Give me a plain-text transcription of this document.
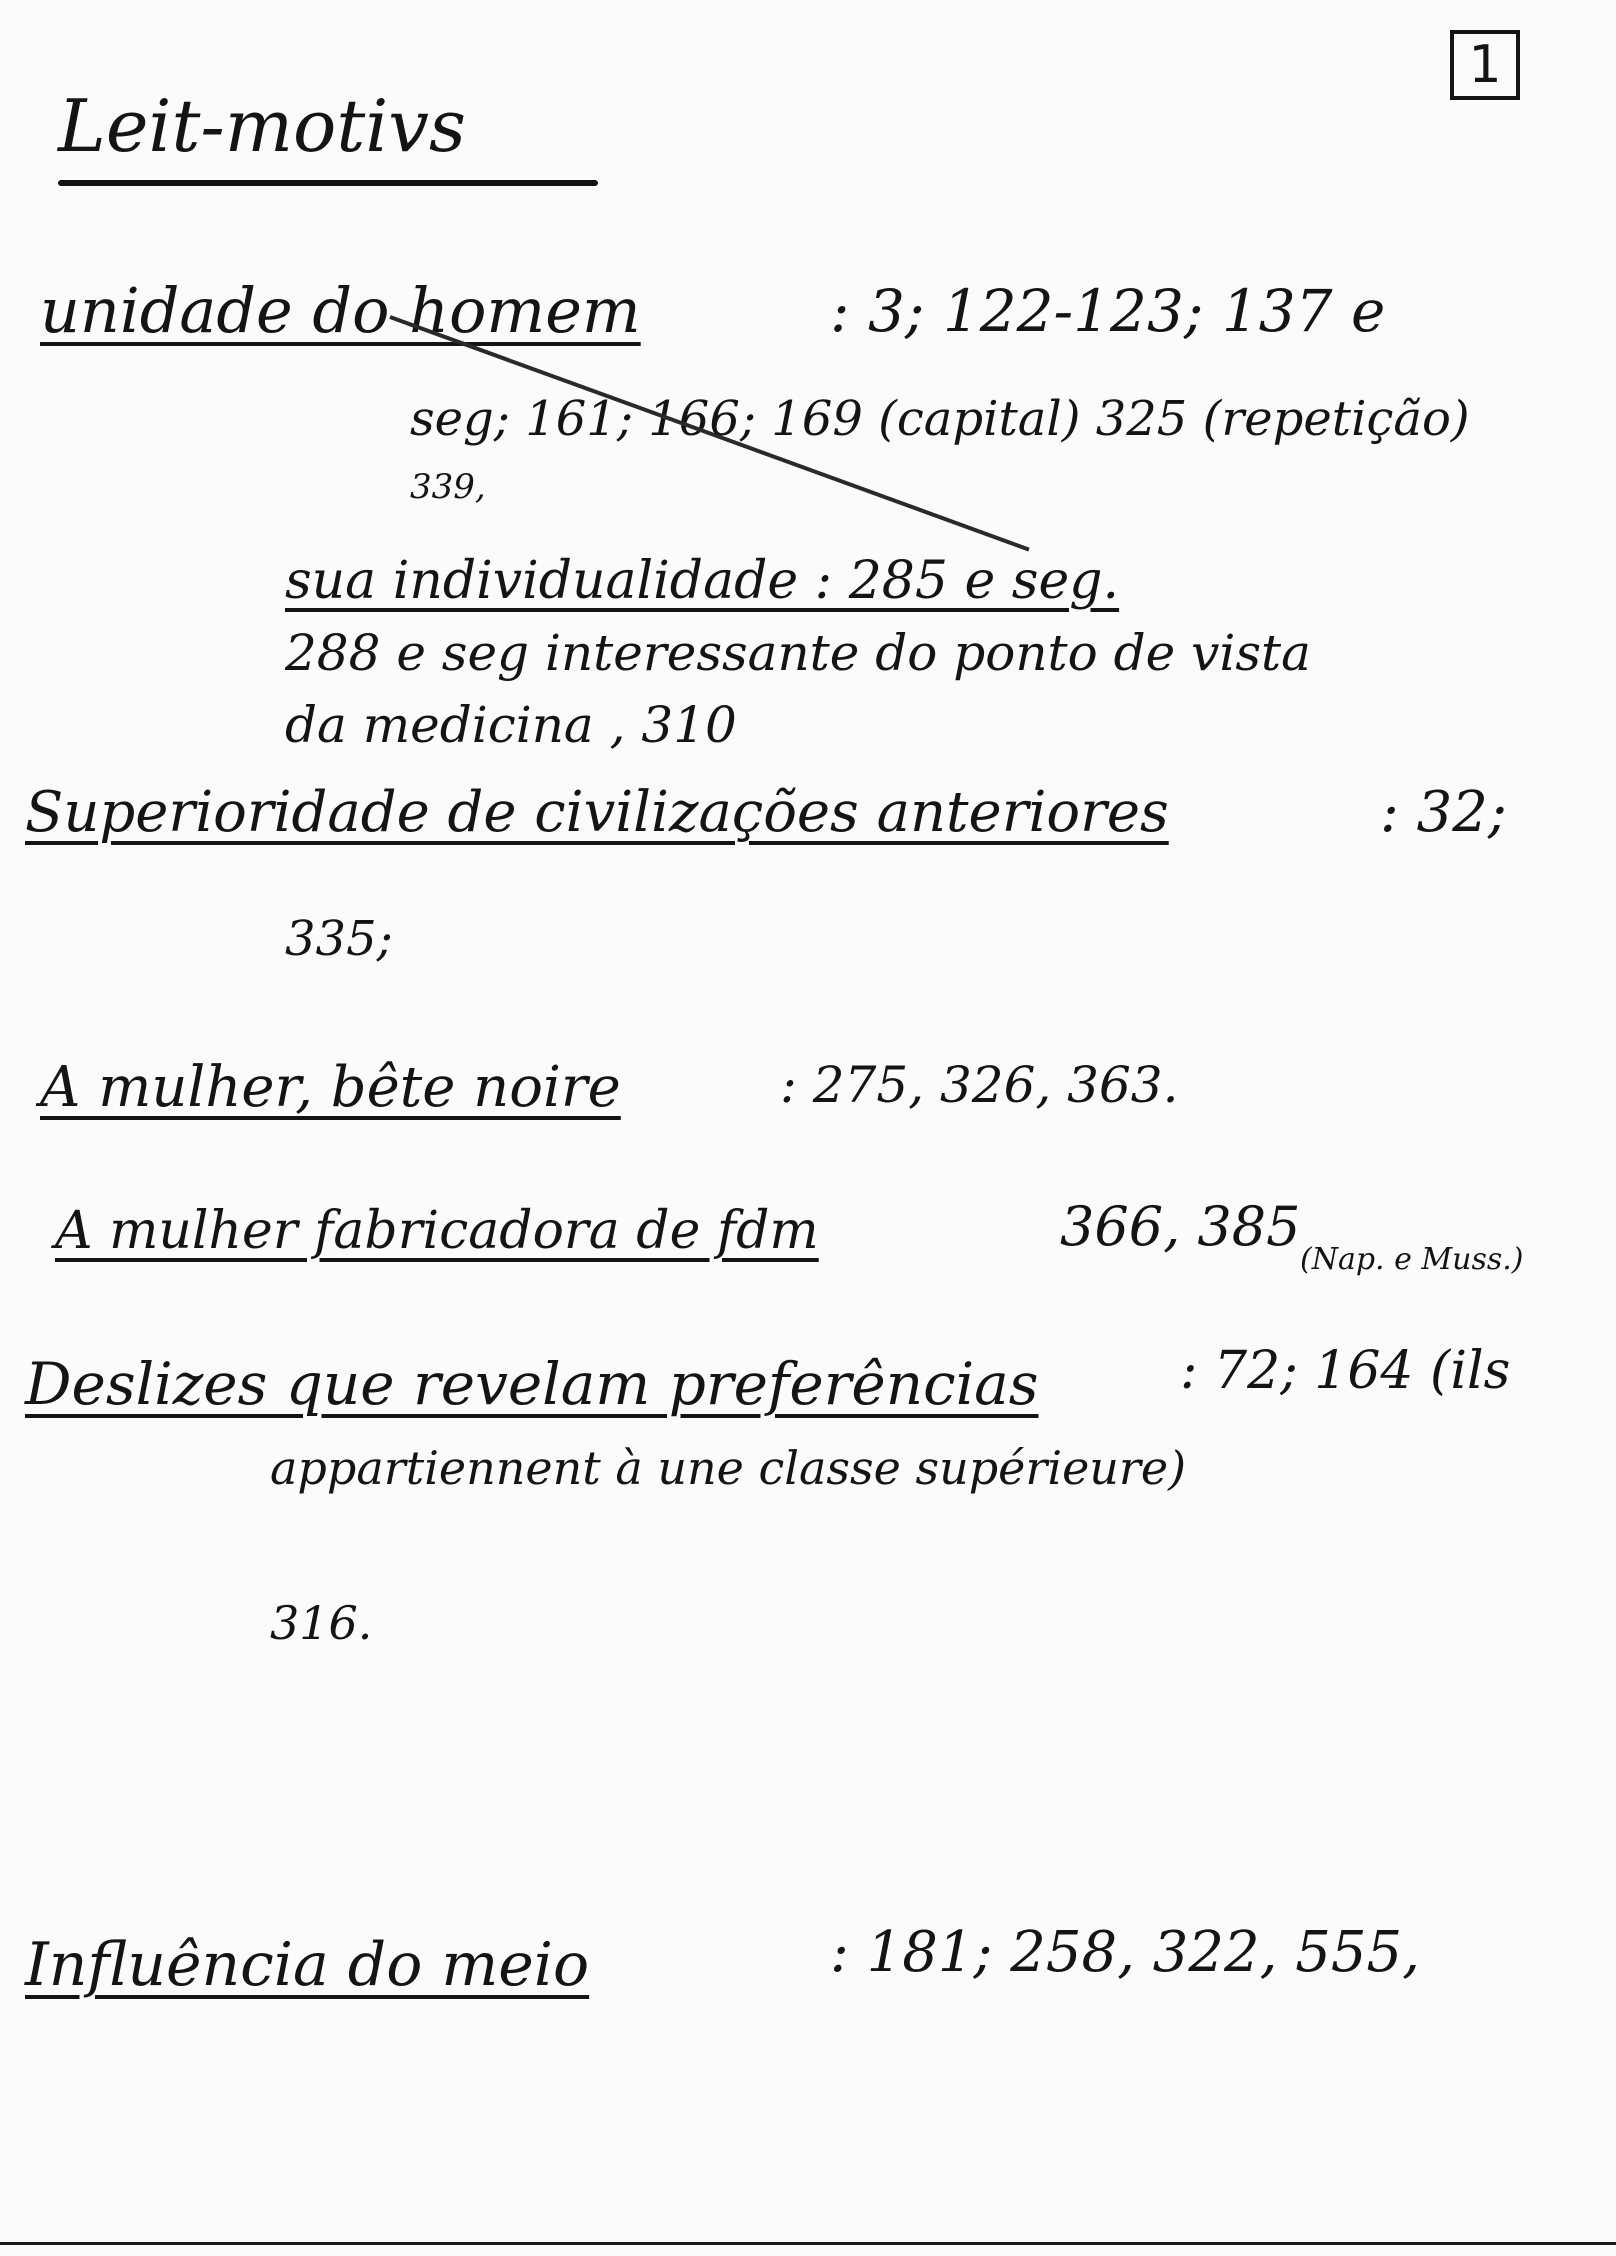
1
Leit-motivs
unidade do homem	: 3; 122-123; 137 e
seg; 161; 166; 169 (capital) 325 (repetição)
339,
sua individualidade : 285 e seg.
288 e seg interessante do ponto de vista
da medicina , 310
Superioridade de civilizações anteriores	: 32;
335;
A mulher, bête noire	: 275, 326, 363.
A mulher fabricadora de fdm	366, 385
(Nap. e Muss.)
Deslizes que revelam preferências	: 72; 164 (ils
appartiennent à une classe supérieure)
316.
Influência do meio	: 181; 258, 322, 555,
